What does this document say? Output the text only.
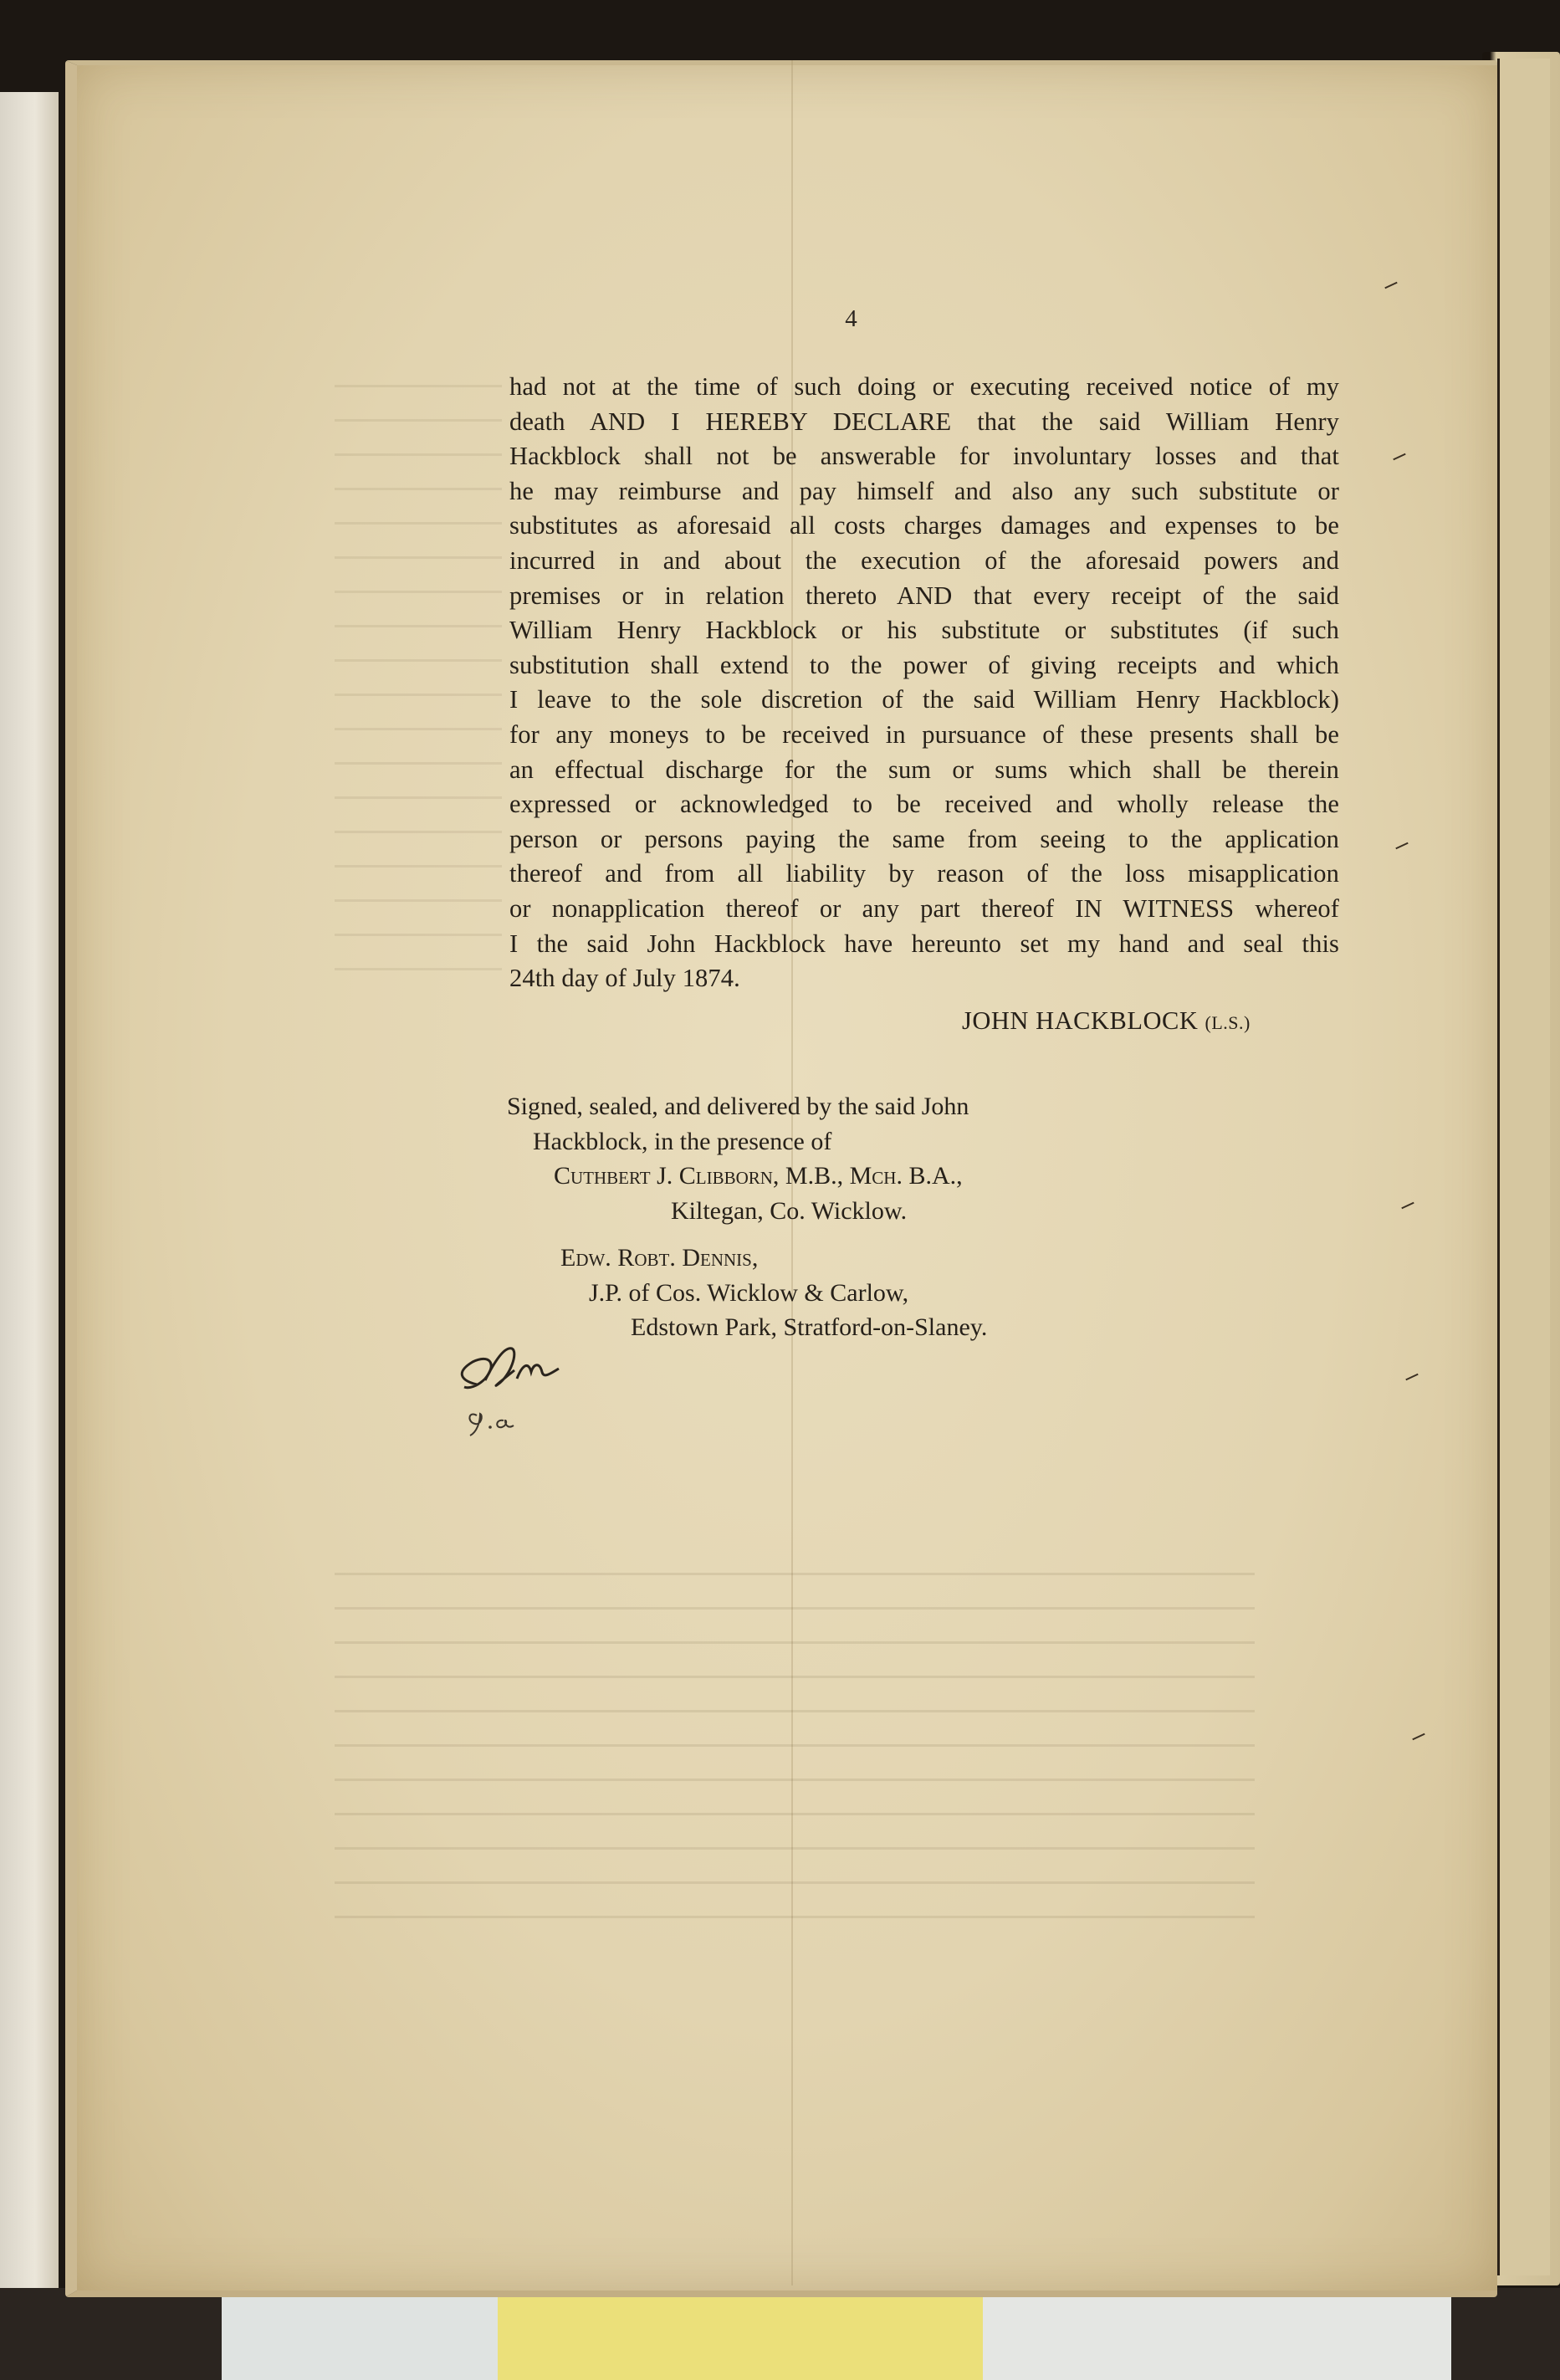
4
had not at the time of such doing or executing received notice of my
death AND I HEREBY DECLARE that the said William Henry
Hackblock shall not be answerable for involuntary losses and that
he may reimburse and pay himself and also any such substitute or
substitutes as aforesaid all costs charges damages and expenses to be
incurred in and about the execution of the aforesaid powers and
premises or in relation thereto AND that every receipt of the said
William Henry Hackblock or his substitute or substitutes (if such
substitution shall extend to the power of giving receipts and which
I leave to the sole discretion of the said William Henry Hackblock)
for any moneys to be received in pursuance of these presents shall be
an effectual discharge for the sum or sums which shall be therein
expressed or acknowledged to be received and wholly release the
person or persons paying the same from seeing to the application
thereof and from all liability by reason of the loss misapplication
or nonapplication thereof or any part thereof IN WITNESS whereof
I the said John Hackblock have hereunto set my hand and seal this
24th day of July 1874.
JOHN HACKBLOCK (L.S.)
Signed, sealed, and delivered by the said John
Hackblock, in the presence of
Cuthbert J. Clibborn, M.B., Mch. B.A.,
Kiltegan, Co. Wicklow.
Edw. Robt. Dennis,
J.P. of Cos. Wicklow & Carlow,
Edstown Park, Stratford-on-Slaney.
